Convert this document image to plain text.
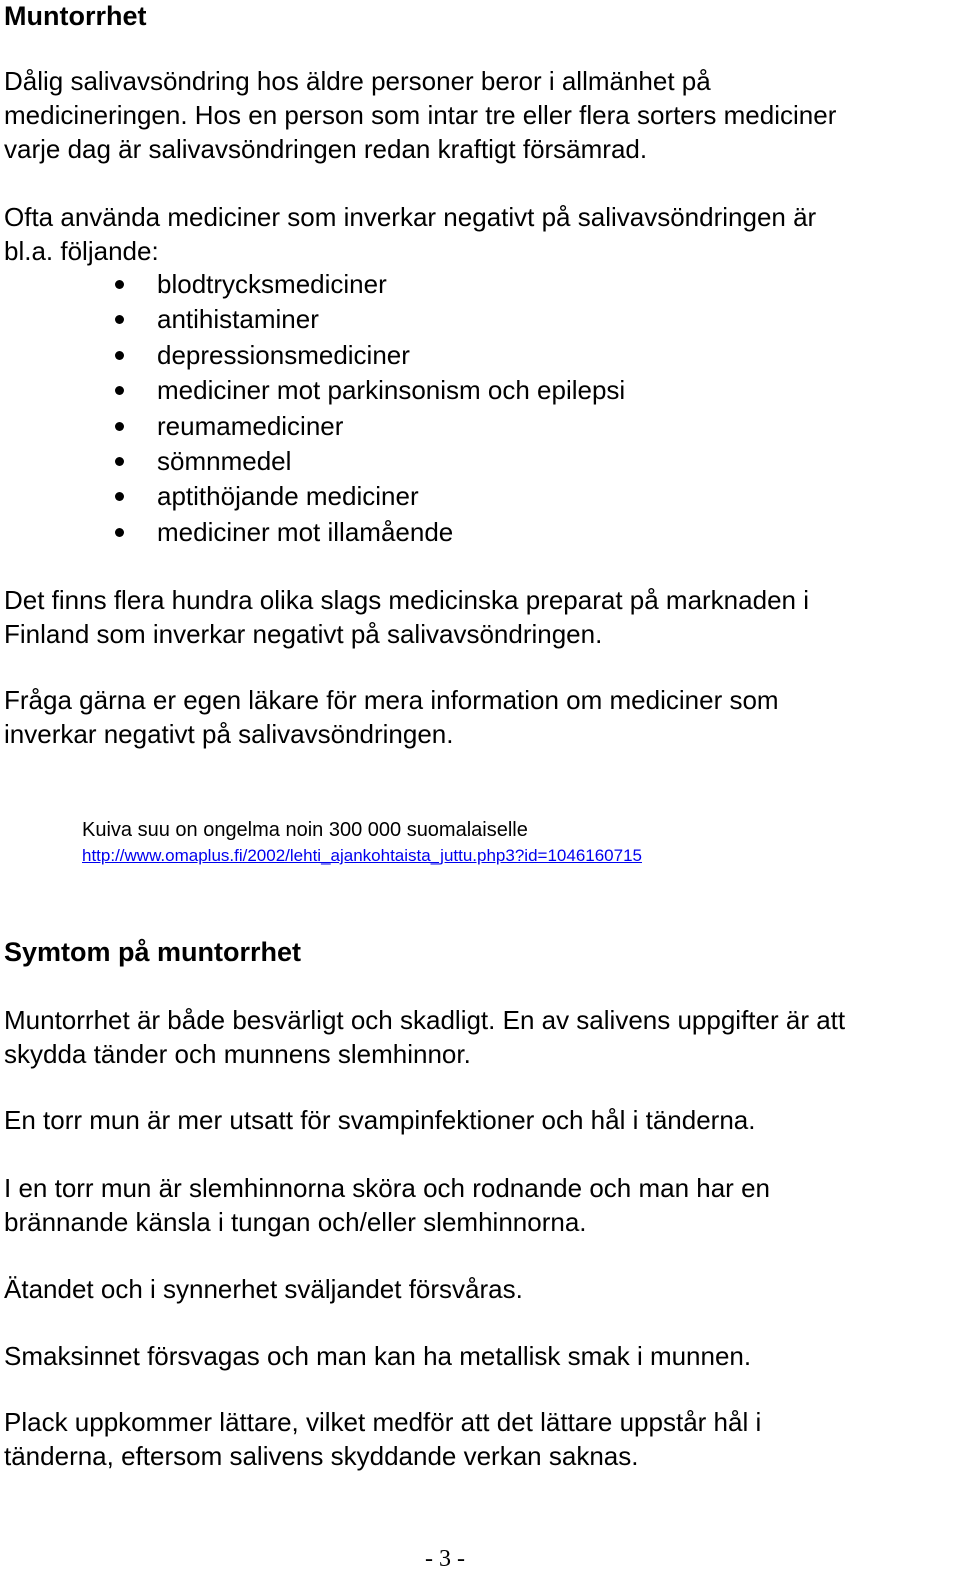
Muntorrhet

Dålig salivavsöndring hos äldre personer beror i allmänhet på
medicineringen. Hos en person som intar tre eller flera sorters mediciner
varje dag är salivavsöndringen redan kraftigt försämrad.

Ofta använda mediciner som inverkar negativt på salivavsöndringen är
bl.a. följande:

blodtrycksmediciner
antihistaminer
depressionsmediciner
mediciner mot parkinsonism och epilepsi
reumamediciner
sömnmedel
aptithöjande mediciner
mediciner mot illamående

Det finns flera hundra olika slags medicinska preparat på marknaden i
Finland som inverkar negativt på salivavsöndringen.

Fråga gärna er egen läkare för mera information om mediciner som
inverkar negativt på salivavsöndringen.

Kuiva suu on ongelma noin 300 000 suomalaiselle
http://www.omaplus.fi/2002/lehti_ajankohtaista_juttu.php3?id=1046160715
Symtom på muntorrhet

Muntorrhet är både besvärligt och skadligt. En av salivens uppgifter är att
skydda tänder och munnens slemhinnor.

En torr mun är mer utsatt för svampinfektioner och hål i tänderna.

I en torr mun är slemhinnorna sköra och rodnande och man har en
brännande känsla i tungan och/eller slemhinnorna.

Ätandet och i synnerhet sväljandet försvåras.

Smaksinnet försvagas och man kan ha metallisk smak i munnen.

Plack uppkommer lättare, vilket medför att det lättare uppstår hål i
tänderna, eftersom salivens skyddande verkan saknas.

- 3 -
